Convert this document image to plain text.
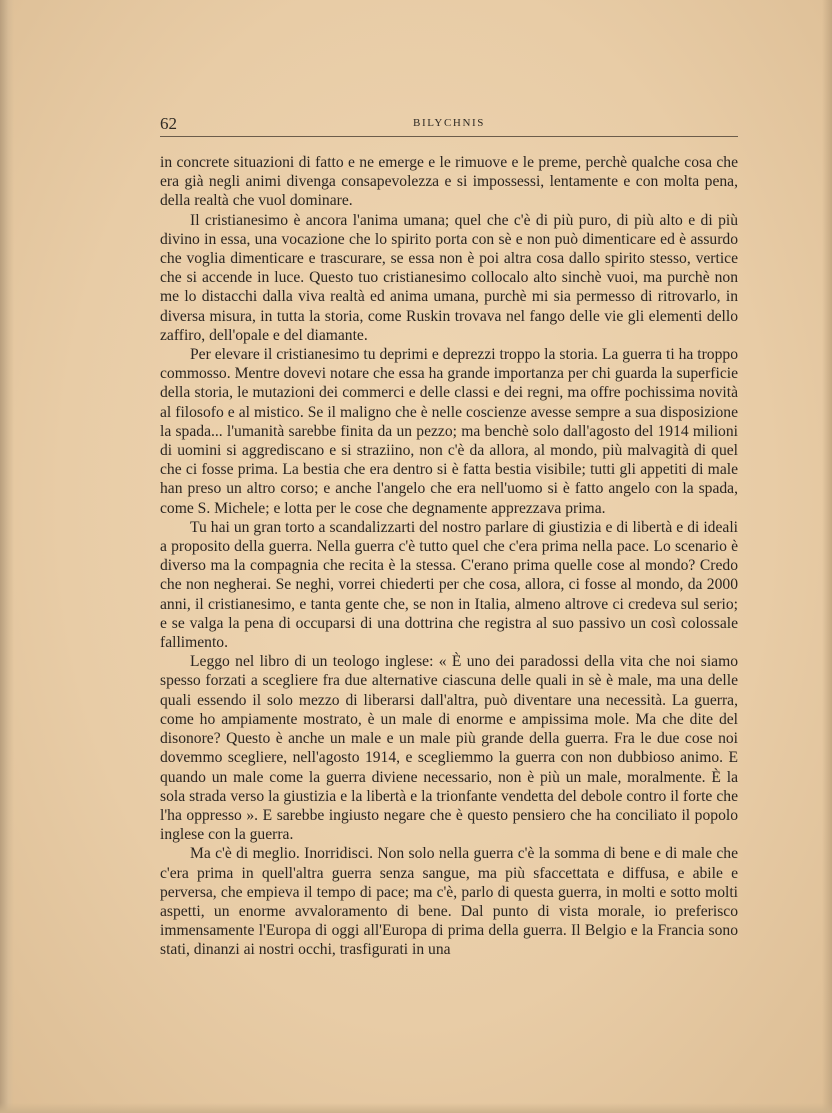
62	BILYCHNIS

in concrete situazioni di fatto e ne emerge e le rimuove e le preme, perchè qualche cosa che era già negli animi divenga consapevolezza e si impossessi, lentamente e con molta pena, della realtà che vuol dominare.

Il cristianesimo è ancora l'anima umana; quel che c'è di più puro, di più alto e di più divino in essa, una vocazione che lo spirito porta con sè e non può dimenticare ed è assurdo che voglia dimenticare e trascurare, se essa non è poi altra cosa dallo spirito stesso, vertice che si accende in luce. Questo tuo cristianesimo collocalo alto sinchè vuoi, ma purchè non me lo distacchi dalla viva realtà ed anima umana, purchè mi sia permesso di ritrovarlo, in diversa misura, in tutta la storia, come Ruskin trovava nel fango delle vie gli elementi dello zaffiro, dell'opale e del diamante.

Per elevare il cristianesimo tu deprimi e deprezzi troppo la storia. La guerra ti ha troppo commosso. Mentre dovevi notare che essa ha grande importanza per chi guarda la superficie della storia, le mutazioni dei commerci e delle classi e dei regni, ma offre pochissima novità al filosofo e al mistico. Se il maligno che è nelle coscienze avesse sempre a sua disposizione la spada... l'umanità sarebbe finita da un pezzo; ma benchè solo dall'agosto del 1914 milioni di uomini si aggrediscano e si straziino, non c'è da allora, al mondo, più malvagità di quel che ci fosse prima. La bestia che era dentro si è fatta bestia visibile; tutti gli appetiti di male han preso un altro corso; e anche l'angelo che era nell'uomo si è fatto angelo con la spada, come S. Michele; e lotta per le cose che degnamente apprezzava prima.

Tu hai un gran torto a scandalizzarti del nostro parlare di giustizia e di libertà e di ideali a proposito della guerra. Nella guerra c'è tutto quel che c'era prima nella pace. Lo scenario è diverso ma la compagnia che recita è la stessa. C'erano prima quelle cose al mondo? Credo che non negherai. Se neghi, vorrei chiederti per che cosa, allora, ci fosse al mondo, da 2000 anni, il cristianesimo, e tanta gente che, se non in Italia, almeno altrove ci credeva sul serio; e se valga la pena di occuparsi di una dottrina che registra al suo passivo un così colossale fallimento.

Leggo nel libro di un teologo inglese: « È uno dei paradossi della vita che noi siamo spesso forzati a scegliere fra due alternative ciascuna delle quali in sè è male, ma una delle quali essendo il solo mezzo di liberarsi dall'altra, può diventare una necessità. La guerra, come ho ampiamente mostrato, è un male di enorme e ampissima mole. Ma che dite del disonore? Questo è anche un male e un male più grande della guerra. Fra le due cose noi dovemmo scegliere, nell'agosto 1914, e scegliemmo la guerra con non dubbioso animo. E quando un male come la guerra diviene necessario, non è più un male, moralmente. È la sola strada verso la giustizia e la libertà e la trionfante vendetta del debole contro il forte che l'ha oppresso ». E sarebbe ingiusto negare che è questo pensiero che ha conciliato il popolo inglese con la guerra.

Ma c'è di meglio. Inorridisci. Non solo nella guerra c'è la somma di bene e di male che c'era prima in quell'altra guerra senza sangue, ma più sfaccettata e diffusa, e abile e perversa, che empieva il tempo di pace; ma c'è, parlo di questa guerra, in molti e sotto molti aspetti, un enorme avvaloramento di bene. Dal punto di vista morale, io preferisco immensamente l'Europa di oggi all'Europa di prima della guerra. Il Belgio e la Francia sono stati, dinanzi ai nostri occhi, trasfigurati in una
